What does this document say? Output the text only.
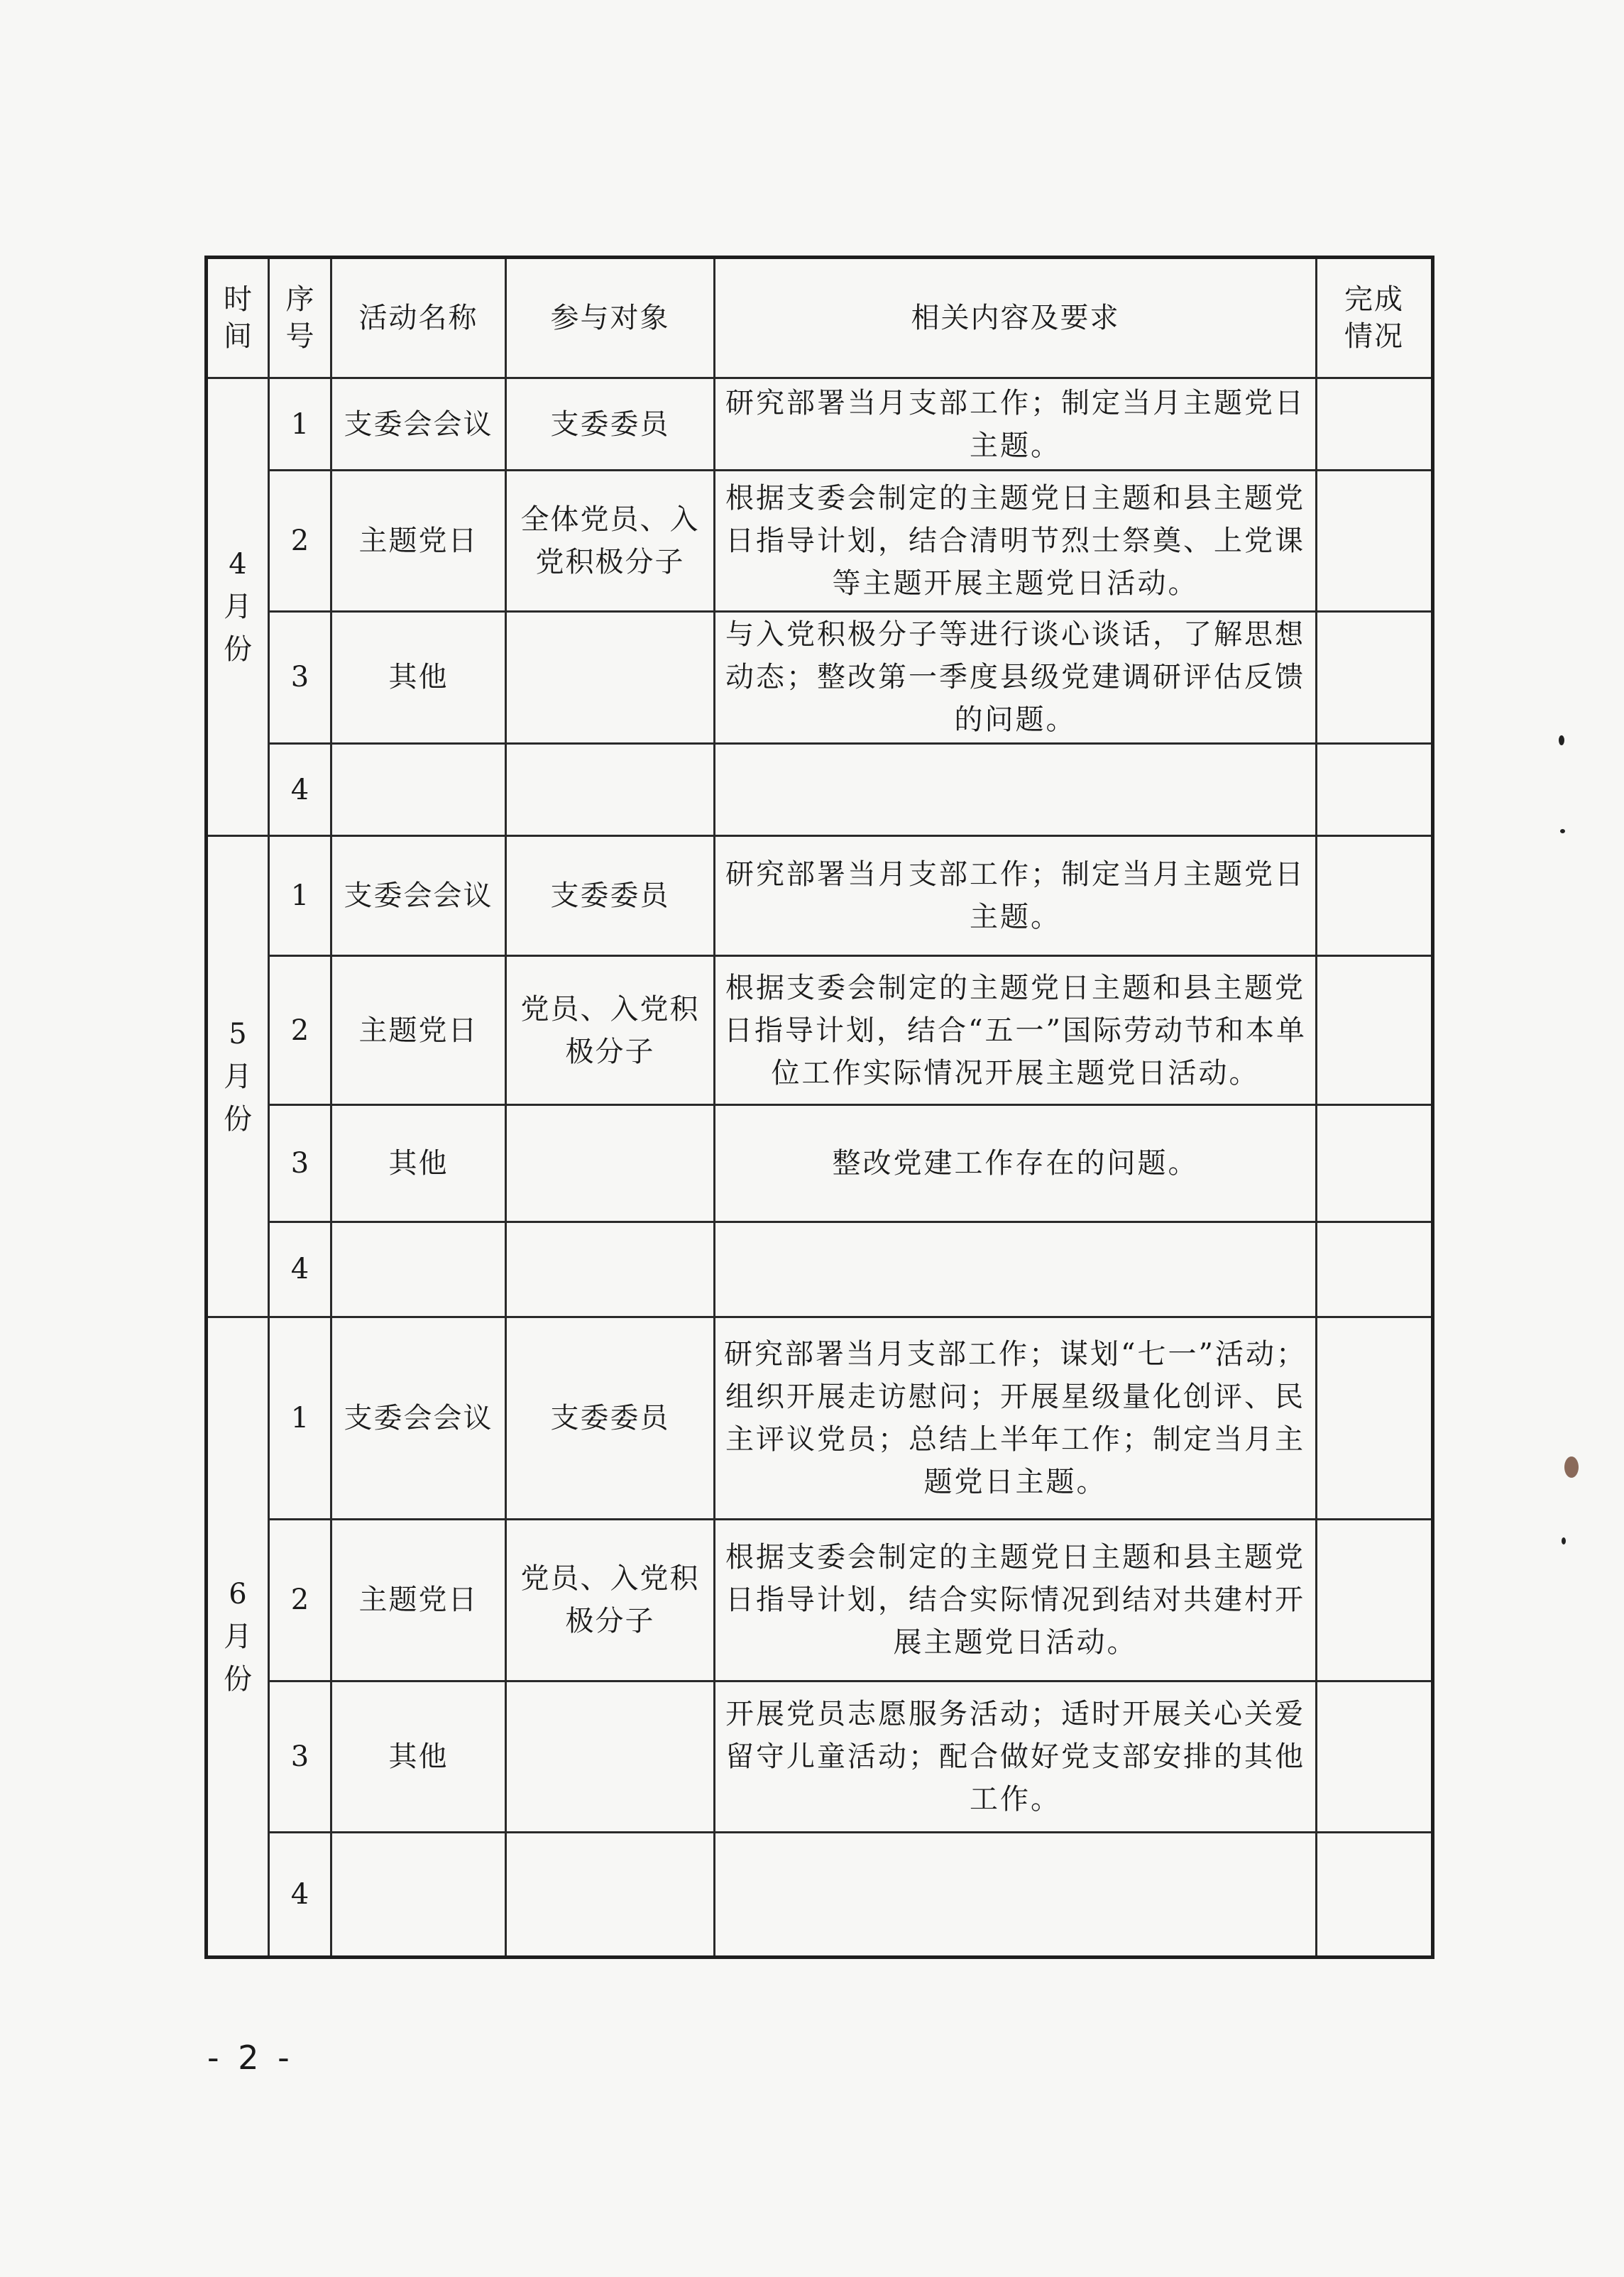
时间	序号	活动名称	参与对象	相关内容及要求	完成情况

4月份	1	支委会会议	支委委员	研究部署当月支部工作；制定当月主题党日主题。	
	2	主题党日	全体党员、入党积极分子	根据支委会制定的主题党日主题和县主题党日指导计划，结合清明节烈士祭奠、上党课等主题开展主题党日活动。	
	3	其他		与入党积极分子等进行谈心谈话，了解思想动态；整改第一季度县级党建调研评估反馈的问题。	
	4				

5月份	1	支委会会议	支委委员	研究部署当月支部工作；制定当月主题党日主题。	
	2	主题党日	党员、入党积极分子	根据支委会制定的主题党日主题和县主题党日指导计划，结合“五一”国际劳动节和本单位工作实际情况开展主题党日活动。	
	3	其他		整改党建工作存在的问题。	
	4				

6月份	1	支委会会议	支委委员	研究部署当月支部工作；谋划“七一”活动；组织开展走访慰问；开展星级量化创评、民主评议党员；总结上半年工作；制定当月主题党日主题。	
	2	主题党日	党员、入党积极分子	根据支委会制定的主题党日主题和县主题党日指导计划，结合实际情况到结对共建村开展主题党日活动。	
	3	其他		开展党员志愿服务活动；适时开展关心关爱留守儿童活动；配合做好党支部安排的其他工作。	
	4				
- 2 -
